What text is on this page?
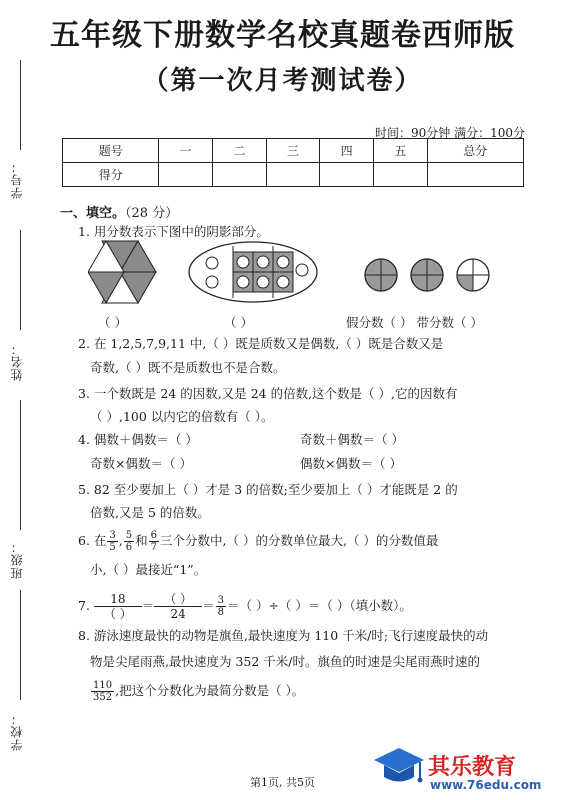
学号：
姓名：
班级：
学校：
五年级下册数学名校真题卷西师版
（第一次月考测试卷）
时间：90分钟 满分：100分
题号	一	二	三	四	五	总分
得分						
一、填空。（28 分）
1. 用分数表示下图中的阴影部分。
（ ）	（ ）	假分数（ ） 带分数（ ）
2. 在 1,2,5,7,9,11 中,（ ）既是质数又是偶数,（ ）既是合数又是
奇数,（ ）既不是质数也不是合数。
3. 一个数既是 24 的因数,又是 24 的倍数,这个数是（ ）,它的因数有
（ ）,100 以内它的倍数有（ ）。
4. 偶数＋偶数＝（ ）	奇数＋偶数＝（ ）
奇数×偶数＝（ ）	偶数×偶数＝（ ）
5. 82 至少要加上（ ）才是 3 的倍数;至少要加上（ ）才能既是 2 的
倍数,又是 5 的倍数。
6. 在 $\frac{3}{5}$ , $\frac{5}{6}$ 和 $\frac{6}{7}$ 三个分数中,（ ）的分数单位最大,（ ）的分数值最
小,（ ）最接近“1”。
7.	18
（ ）
＝ （ ）
24
＝ $\frac{3}{8}$ ＝（ ）÷（ ）＝（ ）（填小数）。
8. 游泳速度最快的动物是旗鱼,最快速度为 110 千米/时;飞行速度最快的动
物是尖尾雨燕,最快速度为 352 千米/时。旗鱼的时速是尖尾雨燕时速的
$\frac{110}{352}$ ,把这个分数化为最简分数是（ ）。
第1页, 共5页
其乐教育
www.76edu.com
